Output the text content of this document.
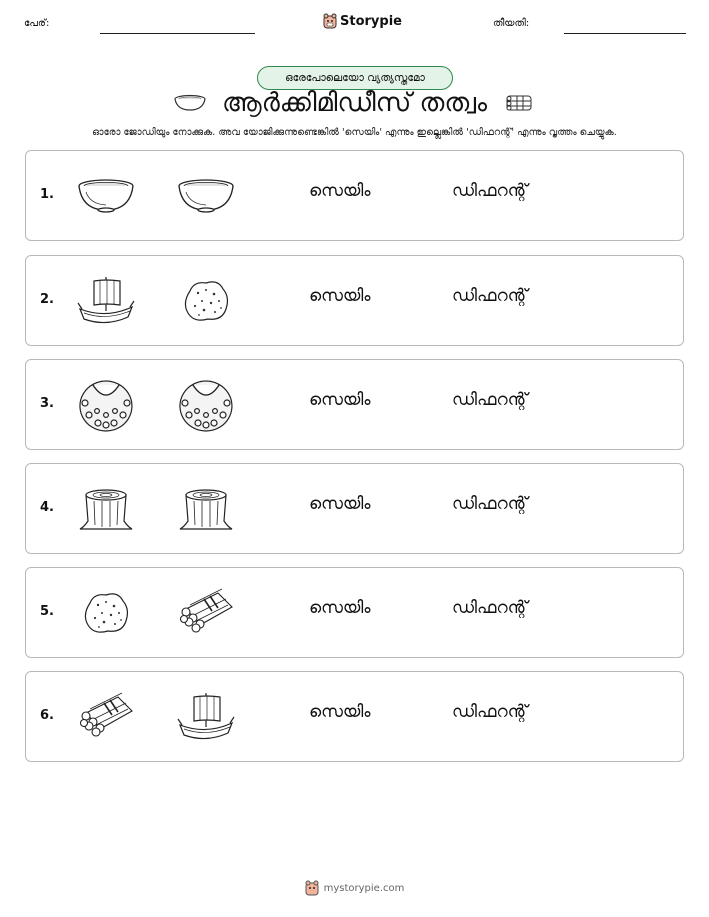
പേര്:	Storypie	തീയതി:
ഒരേപോലെയോ വ്യത്യസ്തമോ
ആർക്കിമിഡീസ് തത്വം
ഓരോ ജോഡിയും നോക്കുക. അവ യോജിക്കുന്നുണ്ടെങ്കിൽ 'സെയിം' എന്നും ഇല്ലെങ്കിൽ 'ഡിഫറന്റ്' എന്നും വൃത്തം ചെയ്യുക.
1.	സെയിം	ഡിഫറന്റ്
2.	സെയിം	ഡിഫറന്റ്
3.	സെയിം	ഡിഫറന്റ്
4.	സെയിം	ഡിഫറന്റ്
5.	സെയിം	ഡിഫറന്റ്
6.	സെയിം	ഡിഫറന്റ്
mystorypie.com
